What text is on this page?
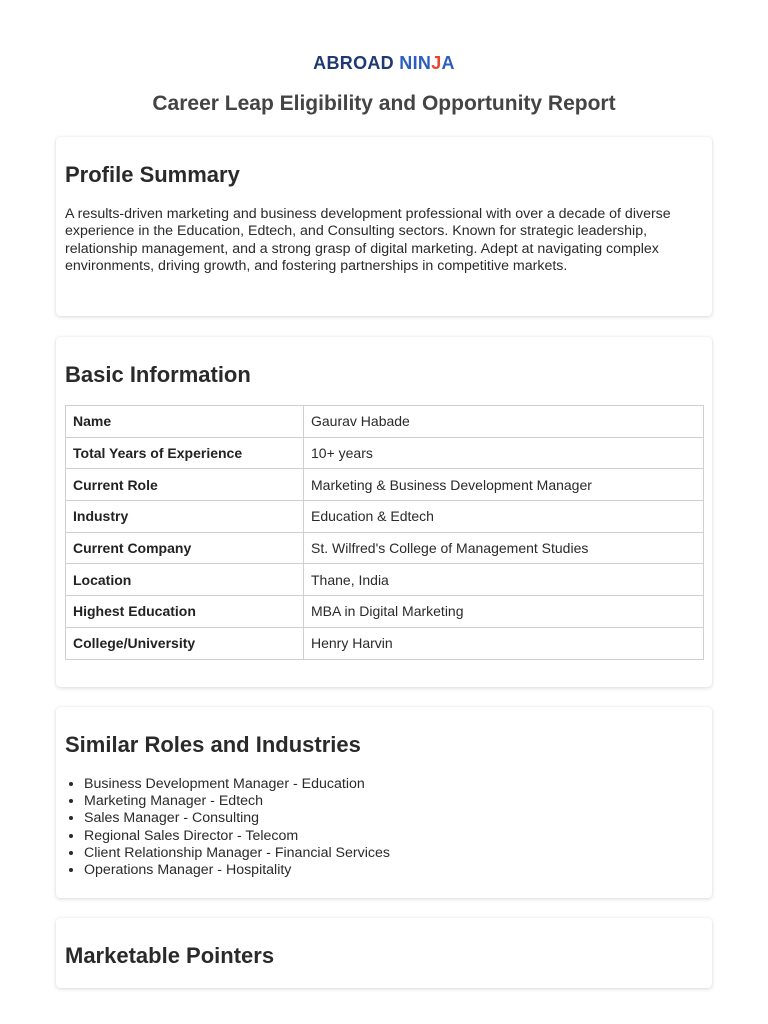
ABROAD NINJA
Career Leap Eligibility and Opportunity Report
Profile Summary

A results-driven marketing and business development professional with over a decade of diverse experience in the Education, Edtech, and Consulting sectors. Known for strategic leadership, relationship management, and a strong grasp of digital marketing. Adept at navigating complex environments, driving growth, and fostering partnerships in competitive markets.

Basic Information
Name	Gaurav Habade
Total Years of Experience	10+ years
Current Role	Marketing & Business Development Manager
Industry	Education & Edtech
Current Company	St. Wilfred's College of Management Studies
Location	Thane, India
Highest Education	MBA in Digital Marketing
College/University	Henry Harvin
Similar Roles and Industries
• Business Development Manager - Education
• Marketing Manager - Edtech
• Sales Manager - Consulting
• Regional Sales Director - Telecom
• Client Relationship Manager - Financial Services
• Operations Manager - Hospitality
Marketable Pointers
